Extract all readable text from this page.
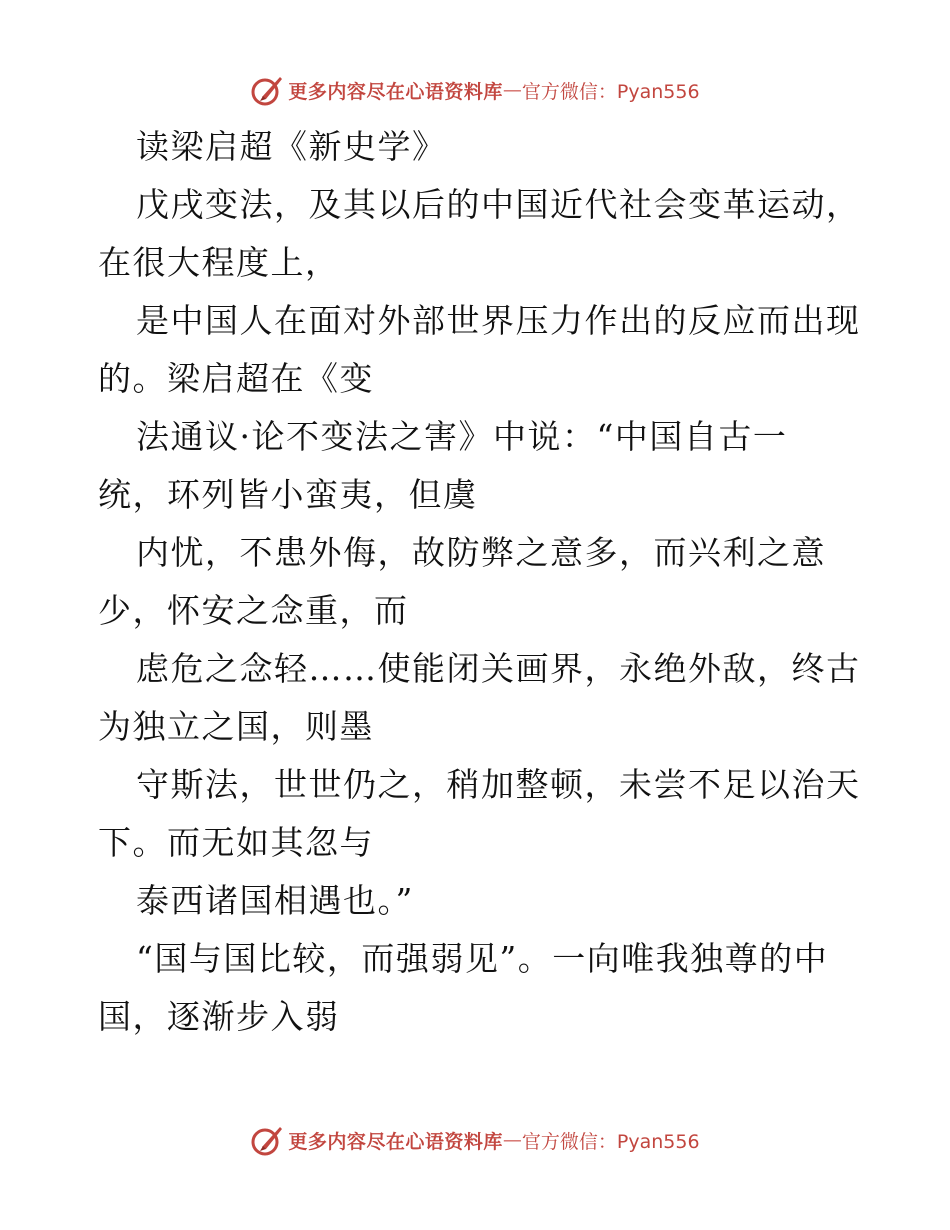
更多内容尽在心语资料库 — 官方微信：Pyan556
读梁启超《新史学》
戊戌变法，及其以后的中国近代社会变革运动，
在很大程度上，
是中国人在面对外部世界压力作出的反应而出现
的。梁启超在《变
法通议·论不变法之害》中说：“中国自古一
统，环列皆小蛮夷，但虞
内忧，不患外侮，故防弊之意多，而兴利之意
少，怀安之念重，而
虑危之念轻……使能闭关画界，永绝外敌，终古
为独立之国，则墨
守斯法，世世仍之，稍加整顿，未尝不足以治天
下。而无如其忽与
泰西诸国相遇也。”
“国与国比较，而强弱见”。一向唯我独尊的中
国，逐渐步入弱
更多内容尽在心语资料库 — 官方微信：Pyan556
